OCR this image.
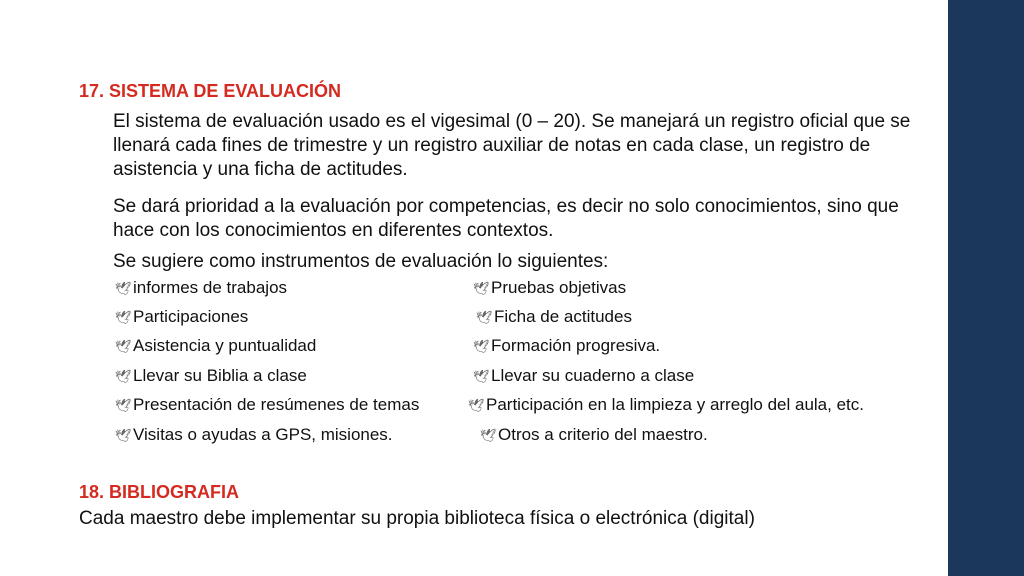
17. SISTEMA DE EVALUACIÓN

El sistema de evaluación usado es el vigesimal (0 – 20). Se manejará un registro oficial que se llenará cada fines de trimestre y un registro auxiliar de notas en cada clase, un registro de asistencia y una ficha de actitudes.

Se dará prioridad a la evaluación por competencias, es decir no solo conocimientos, sino que hace con los conocimientos en diferentes contextos.

Se sugiere como instrumentos de evaluación lo siguientes:

🕊informes de trabajos
🕊Participaciones
🕊Asistencia y puntualidad
🕊Llevar su Biblia a clase
🕊Presentación de resúmenes de temas
🕊Visitas o ayudas a GPS, misiones.
🕊Pruebas objetivas
🕊Ficha de actitudes
🕊Formación progresiva.
🕊Llevar su cuaderno a clase
🕊Participación en la limpieza y arreglo del aula, etc.
🕊Otros a criterio del maestro.
18. BIBLIOGRAFIA

Cada maestro debe implementar su propia biblioteca física o electrónica (digital)
